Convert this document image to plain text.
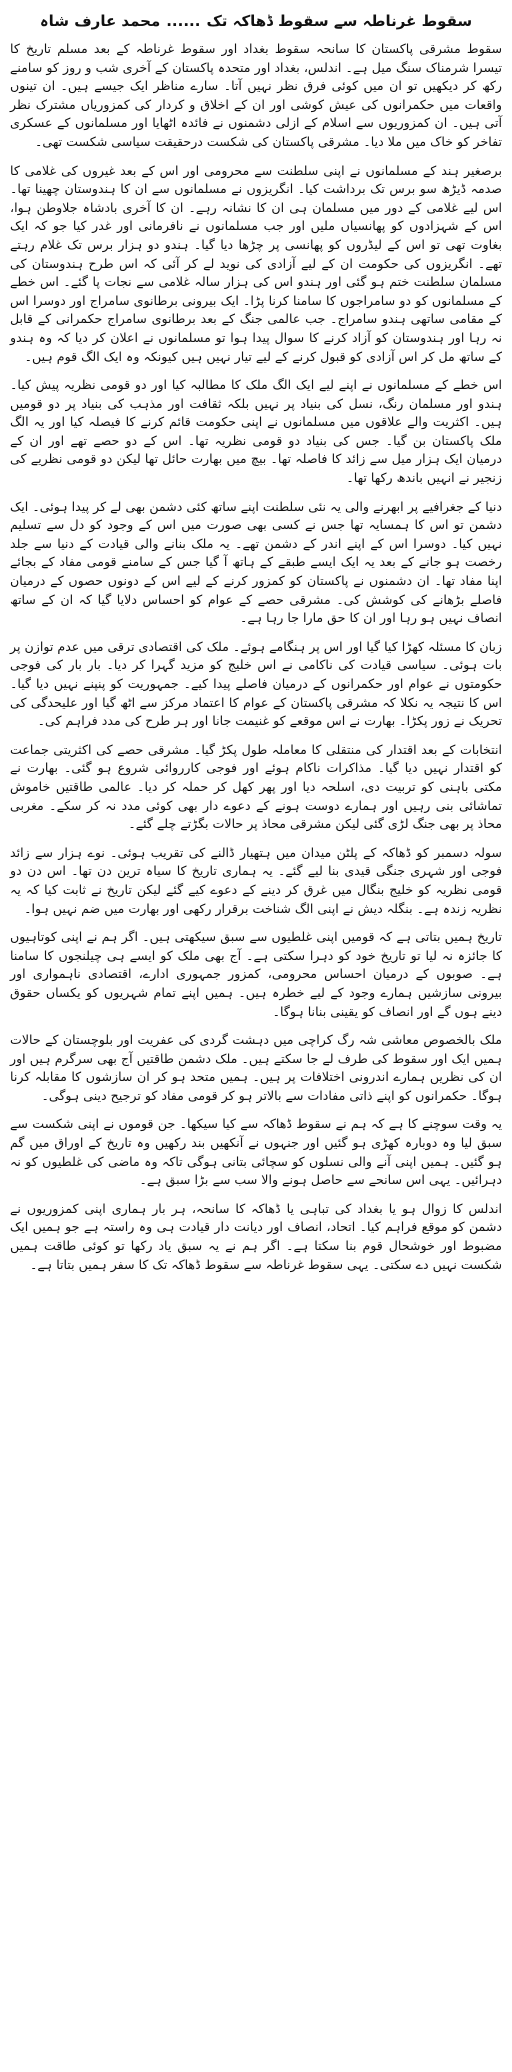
سقوط غرناطہ سے سقوط ڈھاکہ تک......محمد عارف شاہ

سقوط مشرقی پاکستان کا سانحہ سقوط بغداد اور سقوط غرناطہ کے بعد مسلم تاریخ کا تیسرا شرمناک سنگ میل ہے۔ اندلس، بغداد اور متحدہ پاکستان کے آخری شب و روز کو سامنے رکھ کر دیکھیں تو ان میں کوئی فرق نظر نہیں آتا۔ سارے مناظر ایک جیسے ہیں۔ ان تینوں واقعات میں حکمرانوں کی عیش کوشی اور ان کے اخلاق و کردار کی کمزوریاں مشترک نظر آتی ہیں۔ ان کمزوریوں سے اسلام کے ازلی دشمنوں نے فائدہ اٹھایا اور مسلمانوں کے عسکری تفاخر کو خاک میں ملا دیا۔ مشرقی پاکستان کی شکست درحقیقت سیاسی شکست تھی۔

برصغیر ہند کے مسلمانوں نے اپنی سلطنت سے محرومی اور اس کے بعد غیروں کی غلامی کا صدمہ ڈیڑھ سو برس تک برداشت کیا۔ انگریزوں نے مسلمانوں سے ان کا ہندوستان چھینا تھا۔ اس لیے غلامی کے دور میں مسلمان ہی ان کا نشانہ رہے۔ ان کا آخری بادشاہ جلاوطن ہوا، اس کے شہزادوں کو پھانسیاں ملیں اور جب مسلمانوں نے نافرمانی اور غدر کیا جو کہ ایک بغاوت تھی تو اس کے لیڈروں کو پھانسی پر چڑھا دیا گیا۔ ہندو دو ہزار برس تک غلام رہتے تھے۔ انگریزوں کی حکومت ان کے لیے آزادی کی نوید لے کر آئی کہ اس طرح ہندوستان کی مسلمان سلطنت ختم ہو گئی اور ہندو اس کی ہزار سالہ غلامی سے نجات پا گئے۔ اس خطے کے مسلمانوں کو دو سامراجوں کا سامنا کرنا پڑا۔ ایک بیرونی برطانوی سامراج اور دوسرا اس کے مقامی ساتھی ہندو سامراج۔ جب عالمی جنگ کے بعد برطانوی سامراج حکمرانی کے قابل نہ رہا اور ہندوستان کو آزاد کرنے کا سوال پیدا ہوا تو مسلمانوں نے اعلان کر دیا کہ وہ ہندو کے ساتھ مل کر اس آزادی کو قبول کرنے کے لیے تیار نہیں ہیں کیونکہ وہ ایک الگ قوم ہیں۔

اس خطے کے مسلمانوں نے اپنے لیے ایک الگ ملک کا مطالبہ کیا اور دو قومی نظریہ پیش کیا۔ ہندو اور مسلمان رنگ، نسل کی بنیاد پر نہیں بلکہ ثقافت اور مذہب کی بنیاد پر دو قومیں ہیں۔ اکثریت والے علاقوں میں مسلمانوں نے اپنی حکومت قائم کرنے کا فیصلہ کیا اور یہ الگ ملک پاکستان بن گیا۔ جس کی بنیاد دو قومی نظریہ تھا۔ اس کے دو حصے تھے اور ان کے درمیان ایک ہزار میل سے زائد کا فاصلہ تھا۔ بیچ میں بھارت حائل تھا لیکن دو قومی نظریے کی زنجیر نے انہیں باندھ رکھا تھا۔

دنیا کے جغرافیے پر ابھرنے والی یہ نئی سلطنت اپنے ساتھ کئی دشمن بھی لے کر پیدا ہوئی۔ ایک دشمن تو اس کا ہمسایہ تھا جس نے کسی بھی صورت میں اس کے وجود کو دل سے تسلیم نہیں کیا۔ دوسرا اس کے اپنے اندر کے دشمن تھے۔ یہ ملک بنانے والی قیادت کے دنیا سے جلد رخصت ہو جانے کے بعد یہ ایک ایسے طبقے کے ہاتھ آ گیا جس کے سامنے قومی مفاد کے بجائے اپنا مفاد تھا۔ ان دشمنوں نے پاکستان کو کمزور کرنے کے لیے اس کے دونوں حصوں کے درمیان فاصلے بڑھانے کی کوشش کی۔ مشرقی حصے کے عوام کو احساس دلایا گیا کہ ان کے ساتھ انصاف نہیں ہو رہا اور ان کا حق مارا جا رہا ہے۔

زبان کا مسئلہ کھڑا کیا گیا اور اس پر ہنگامے ہوئے۔ ملک کی اقتصادی ترقی میں عدم توازن پر بات ہوئی۔ سیاسی قیادت کی ناکامی نے اس خلیج کو مزید گہرا کر دیا۔ بار بار کی فوجی حکومتوں نے عوام اور حکمرانوں کے درمیان فاصلے پیدا کیے۔ جمہوریت کو پنپنے نہیں دیا گیا۔ اس کا نتیجہ یہ نکلا کہ مشرقی پاکستان کے عوام کا اعتماد مرکز سے اٹھ گیا اور علیحدگی کی تحریک نے زور پکڑا۔ بھارت نے اس موقعے کو غنیمت جانا اور ہر طرح کی مدد فراہم کی۔

انتخابات کے بعد اقتدار کی منتقلی کا معاملہ طول پکڑ گیا۔ مشرقی حصے کی اکثریتی جماعت کو اقتدار نہیں دیا گیا۔ مذاکرات ناکام ہوئے اور فوجی کارروائی شروع ہو گئی۔ بھارت نے مکتی باہنی کو تربیت دی، اسلحہ دیا اور پھر کھل کر حملہ کر دیا۔ عالمی طاقتیں خاموش تماشائی بنی رہیں اور ہمارے دوست ہونے کے دعوے دار بھی کوئی مدد نہ کر سکے۔ مغربی محاذ پر بھی جنگ لڑی گئی لیکن مشرقی محاذ پر حالات بگڑتے چلے گئے۔

سولہ دسمبر کو ڈھاکہ کے پلٹن میدان میں ہتھیار ڈالنے کی تقریب ہوئی۔ نوے ہزار سے زائد فوجی اور شہری جنگی قیدی بنا لیے گئے۔ یہ ہماری تاریخ کا سیاہ ترین دن تھا۔ اس دن دو قومی نظریہ کو خلیج بنگال میں غرق کر دینے کے دعوے کیے گئے لیکن تاریخ نے ثابت کیا کہ یہ نظریہ زندہ ہے۔ بنگلہ دیش نے اپنی الگ شناخت برقرار رکھی اور بھارت میں ضم نہیں ہوا۔

تاریخ ہمیں بتاتی ہے کہ قومیں اپنی غلطیوں سے سبق سیکھتی ہیں۔ اگر ہم نے اپنی کوتاہیوں کا جائزہ نہ لیا تو تاریخ خود کو دہرا سکتی ہے۔ آج بھی ملک کو ایسے ہی چیلنجوں کا سامنا ہے۔ صوبوں کے درمیان احساس محرومی، کمزور جمہوری ادارے، اقتصادی ناہمواری اور بیرونی سازشیں ہمارے وجود کے لیے خطرہ ہیں۔ ہمیں اپنے تمام شہریوں کو یکساں حقوق دینے ہوں گے اور انصاف کو یقینی بنانا ہوگا۔

ملک بالخصوص معاشی شہ رگ کراچی میں دہشت گردی کی عفریت اور بلوچستان کے حالات ہمیں ایک اور سقوط کی طرف لے جا سکتے ہیں۔ ملک دشمن طاقتیں آج بھی سرگرم ہیں اور ان کی نظریں ہمارے اندرونی اختلافات پر ہیں۔ ہمیں متحد ہو کر ان سازشوں کا مقابلہ کرنا ہوگا۔ حکمرانوں کو اپنے ذاتی مفادات سے بالاتر ہو کر قومی مفاد کو ترجیح دینی ہوگی۔

یہ وقت سوچنے کا ہے کہ ہم نے سقوط ڈھاکہ سے کیا سیکھا۔ جن قوموں نے اپنی شکست سے سبق لیا وہ دوبارہ کھڑی ہو گئیں اور جنہوں نے آنکھیں بند رکھیں وہ تاریخ کے اوراق میں گم ہو گئیں۔ ہمیں اپنی آنے والی نسلوں کو سچائی بتانی ہوگی تاکہ وہ ماضی کی غلطیوں کو نہ دہرائیں۔ یہی اس سانحے سے حاصل ہونے والا سب سے بڑا سبق ہے۔

اندلس کا زوال ہو یا بغداد کی تباہی یا ڈھاکہ کا سانحہ، ہر بار ہماری اپنی کمزوریوں نے دشمن کو موقع فراہم کیا۔ اتحاد، انصاف اور دیانت دار قیادت ہی وہ راستہ ہے جو ہمیں ایک مضبوط اور خوشحال قوم بنا سکتا ہے۔ اگر ہم نے یہ سبق یاد رکھا تو کوئی طاقت ہمیں شکست نہیں دے سکتی۔ یہی سقوط غرناطہ سے سقوط ڈھاکہ تک کا سفر ہمیں بتاتا ہے۔
